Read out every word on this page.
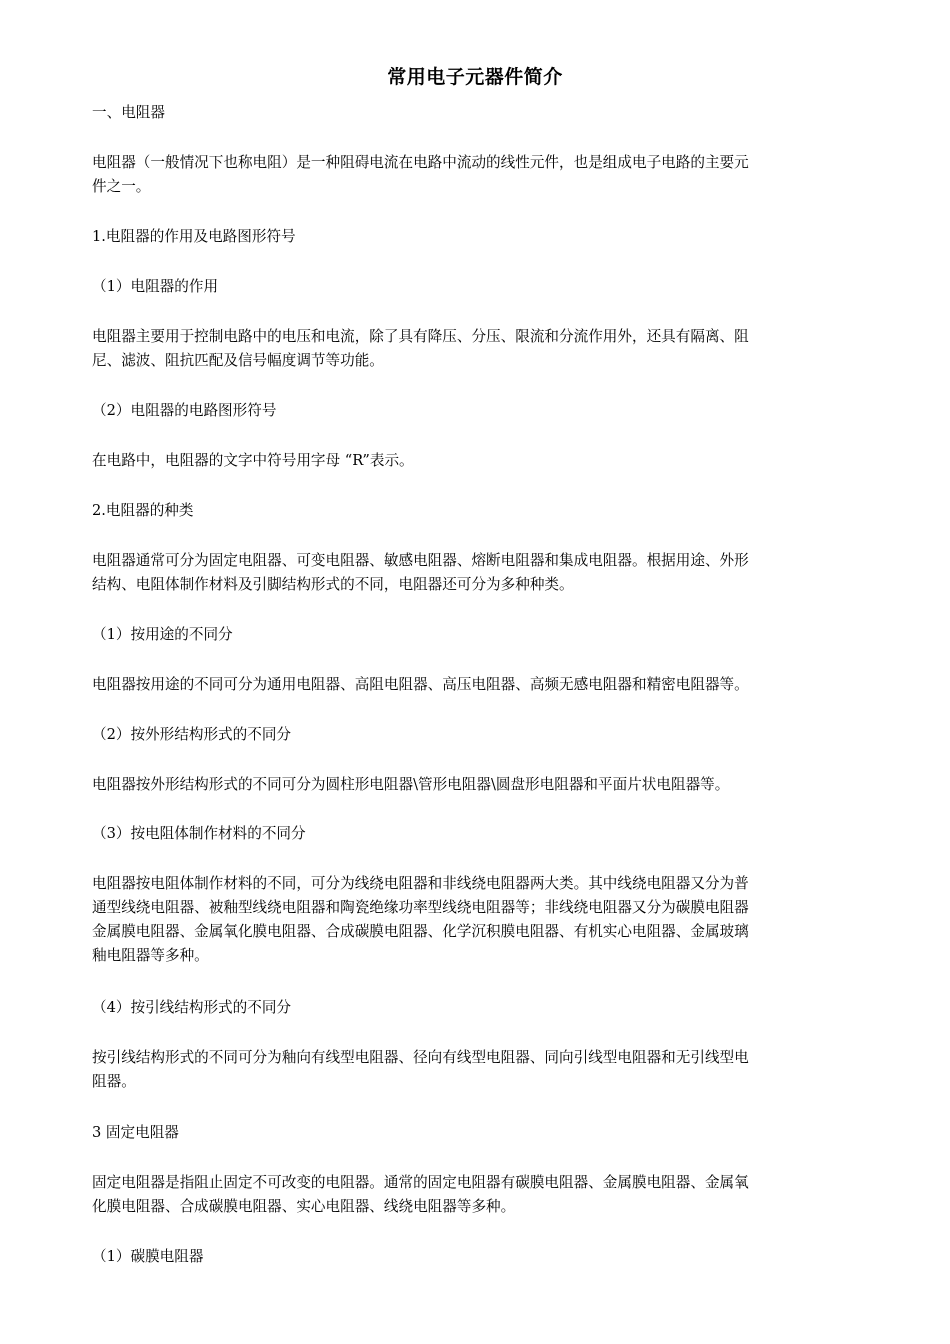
常用电子元器件简介
一、电阻器
电阻器（一般情况下也称电阻）是一种阻碍电流在电路中流动的线性元件，也是组成电子电路的主要元
件之一。
1.电阻器的作用及电路图形符号
（1）电阻器的作用
电阻器主要用于控制电路中的电压和电流，除了具有降压、分压、限流和分流作用外，还具有隔离、阻
尼、滤波、阻抗匹配及信号幅度调节等功能。
（2）电阻器的电路图形符号
在电路中，电阻器的文字中符号用字母 “R”表示。
2.电阻器的种类
电阻器通常可分为固定电阻器、可变电阻器、敏感电阻器、熔断电阻器和集成电阻器。根据用途、外形
结构、电阻体制作材料及引脚结构形式的不同，电阻器还可分为多种种类。
（1）按用途的不同分
电阻器按用途的不同可分为通用电阻器、高阻电阻器、高压电阻器、高频无感电阻器和精密电阻器等。
（2）按外形结构形式的不同分
电阻器按外形结构形式的不同可分为圆柱形电阻器\管形电阻器\圆盘形电阻器和平面片状电阻器等。
（3）按电阻体制作材料的不同分
电阻器按电阻体制作材料的不同，可分为线绕电阻器和非线绕电阻器两大类。其中线绕电阻器又分为普
通型线绕电阻器、被釉型线绕电阻器和陶瓷绝缘功率型线绕电阻器等；非线绕电阻器又分为碳膜电阻器
金属膜电阻器、金属氧化膜电阻器、合成碳膜电阻器、化学沉积膜电阻器、有机实心电阻器、金属玻璃
釉电阻器等多种。
（4）按引线结构形式的不同分
按引线结构形式的不同可分为釉向有线型电阻器、径向有线型电阻器、同向引线型电阻器和无引线型电
阻器。
3 固定电阻器
固定电阻器是指阻止固定不可改变的电阻器。通常的固定电阻器有碳膜电阻器、金属膜电阻器、金属氧
化膜电阻器、合成碳膜电阻器、实心电阻器、线绕电阻器等多种。
（1）碳膜电阻器
